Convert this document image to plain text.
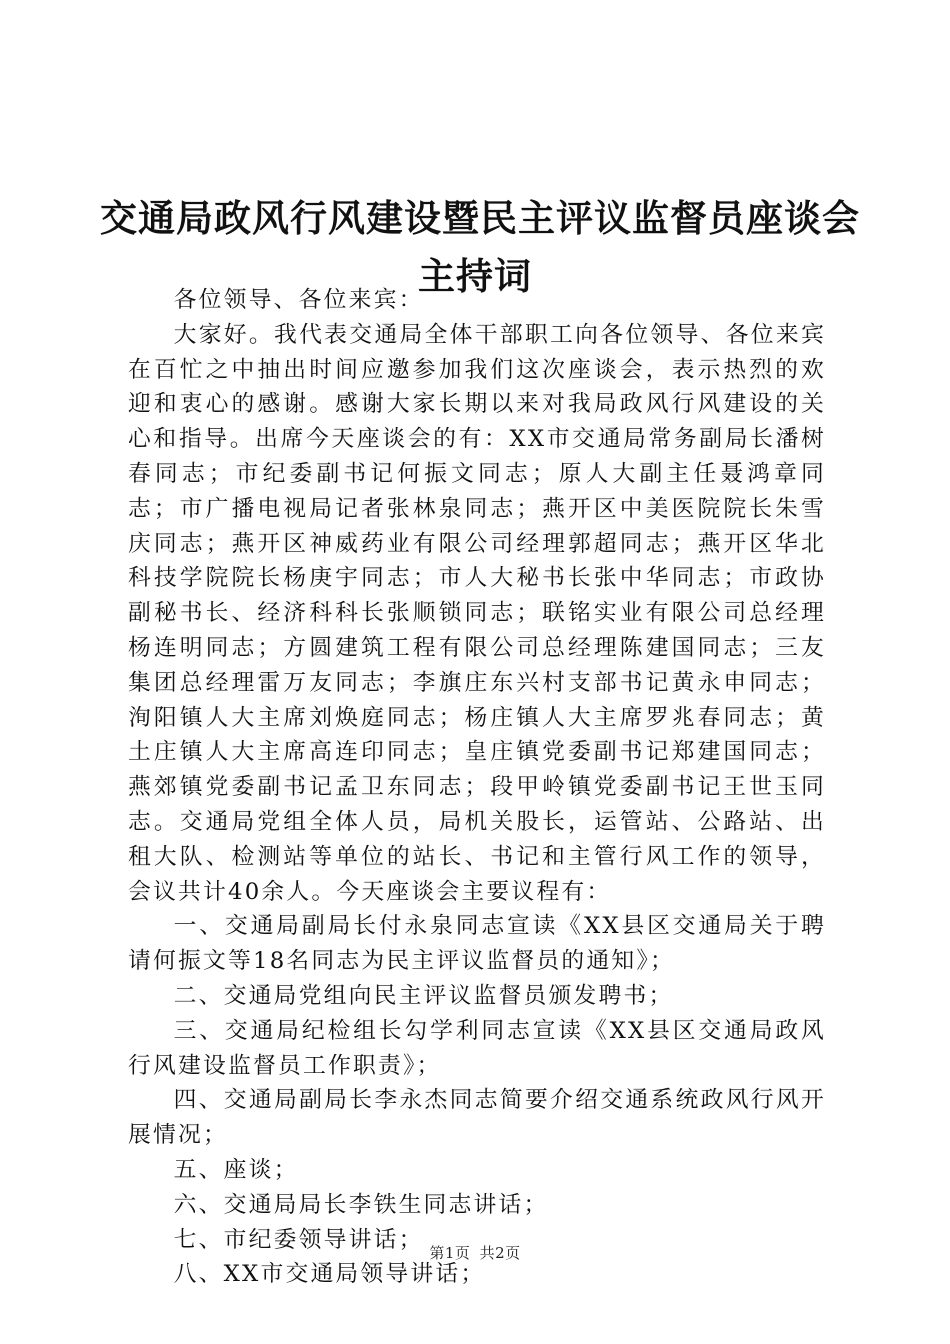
交通局政风行风建设暨民主评议监督员座谈会
主持词

各位领导、各位来宾：

大家好。我代表交通局全体干部职工向各位领导、各位来宾在百忙之中抽出时间应邀参加我们这次座谈会，表示热烈的欢迎和衷心的感谢。感谢大家长期以来对我局政风行风建设的关心和指导。出席今天座谈会的有：XX市交通局常务副局长潘树春同志；市纪委副书记何振文同志；原人大副主任聂鸿章同志；市广播电视局记者张林泉同志；燕开区中美医院院长朱雪庆同志；燕开区神威药业有限公司经理郭超同志；燕开区华北科技学院院长杨庚宇同志；市人大秘书长张中华同志；市政协副秘书长、经济科科长张顺锁同志；联铭实业有限公司总经理杨连明同志；方圆建筑工程有限公司总经理陈建国同志；三友集团总经理雷万友同志；李旗庄东兴村支部书记黄永申同志；洵阳镇人大主席刘焕庭同志；杨庄镇人大主席罗兆春同志；黄土庄镇人大主席高连印同志；皇庄镇党委副书记郑建国同志；燕郊镇党委副书记孟卫东同志；段甲岭镇党委副书记王世玉同志。交通局党组全体人员，局机关股长，运管站、公路站、出租大队、检测站等单位的站长、书记和主管行风工作的领导，会议共计40余人。今天座谈会主要议程有：

一、交通局副局长付永泉同志宣读《XX县区交通局关于聘请何振文等18名同志为民主评议监督员的通知》；

二、交通局党组向民主评议监督员颁发聘书；

三、交通局纪检组长勾学利同志宣读《XX县区交通局政风行风建设监督员工作职责》；

四、交通局副局长李永杰同志简要介绍交通系统政风行风开展情况；

五、座谈；

六、交通局局长李铁生同志讲话；

七、市纪委领导讲话；

八、XX市交通局领导讲话；

第1页 共2页
